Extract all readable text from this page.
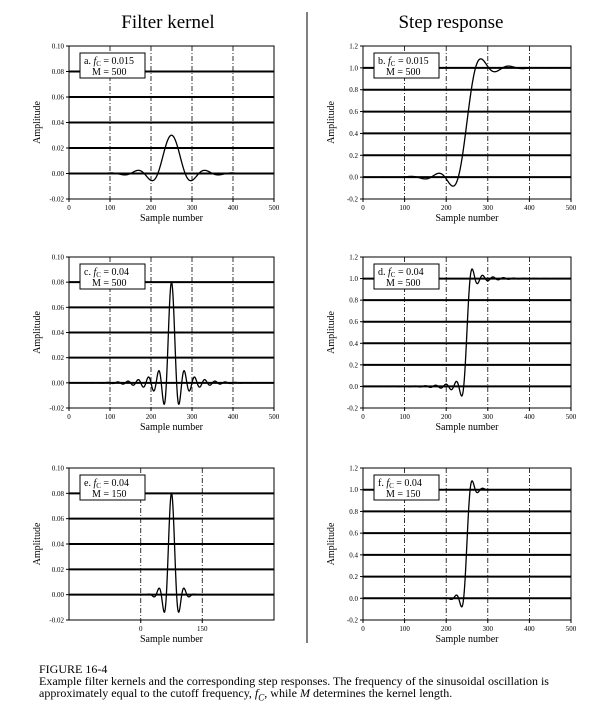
Filter kernel	Step response
-0.02
0.00
0.02
0.04
0.06
0.08
0.10
0	100	200	300	400	500
Sample number
Amplitude
a. $f_C = 0.015$
M = 500
-0.2
0.0
0.2
0.4
0.6
0.8
1.0
1.2
0	100	200	300	400	500
Sample number
Amplitude
b. $f_C = 0.015$
M = 500
-0.02
0.00
0.02
0.04
0.06
0.08
0.10
0	100	200	300	400	500
Sample number
Amplitude
c. $f_C = 0.04$
M = 500
-0.2
0.0
0.2
0.4
0.6
0.8
1.0
1.2
0	100	200	300	400	500
Sample number
Amplitude
d. $f_C = 0.04$
M = 500
-0.02
0.00
0.02
0.04
0.06
0.08
0.10
0	150
Sample number
Amplitude
e. $f_C = 0.04$
M = 150
-0.2
0.0
0.2
0.4
0.6
0.8
1.0
1.2
0	100	200	300	400	500
Sample number
Amplitude
f. $f_C = 0.04$
M = 150
FIGURE 16-4
Example filter kernels and the corresponding step responses. The frequency of the sinusoidal oscillation is
approximately equal to the cutoff frequency, $f_C$, while M determines the kernel length.
